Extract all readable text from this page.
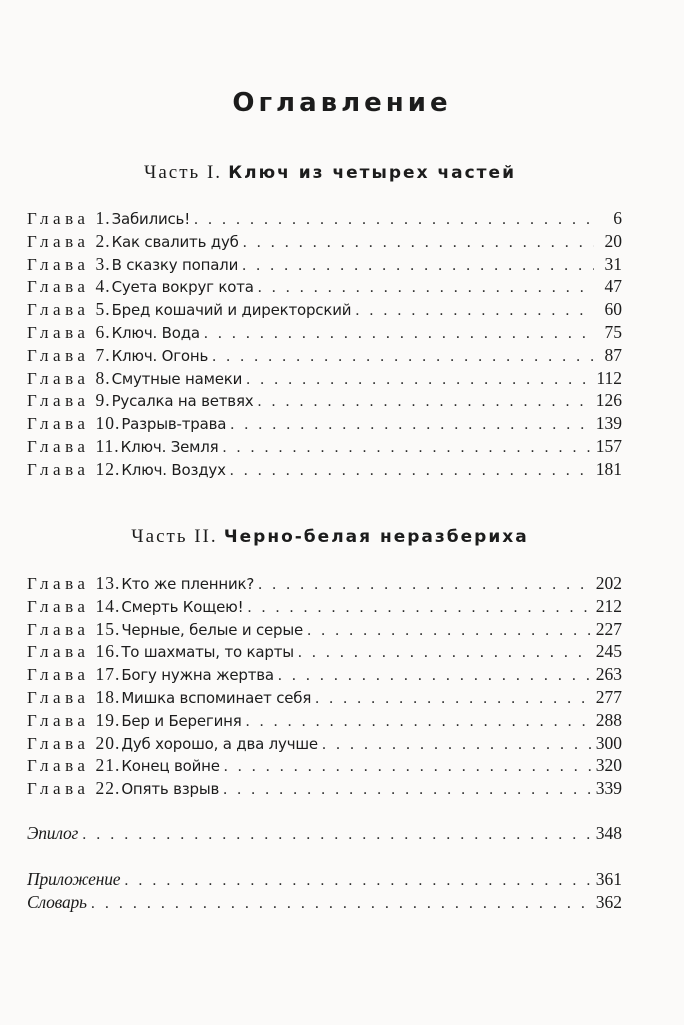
Оглавление
Часть I. Ключ из четырех частей
Глава 1. Забились! . . .	6
Глава 2. Как свалить дуб . . .	20
Глава 3. В сказку попали . . .	31
Глава 4. Суета вокруг кота . . .	47
Глава 5. Бред кошачий и директорский . . .	60
Глава 6. Ключ. Вода . . .	75
Глава 7. Ключ. Огонь . . .	87
Глава 8. Смутные намеки . . .	112
Глава 9. Русалка на ветвях . . .	126
Глава 10. Разрыв-трава . . .	139
Глава 11. Ключ. Земля . . .	157
Глава 12. Ключ. Воздух . . .	181
Часть II. Черно-белая неразбериха
Глава 13. Кто же пленник? . . .	202
Глава 14. Смерть Кощею! . . .	212
Глава 15. Черные, белые и серые . . .	227
Глава 16. То шахматы, то карты . . .	245
Глава 17. Богу нужна жертва . . .	263
Глава 18. Мишка вспоминает себя . . .	277
Глава 19. Бер и Берегиня . . .	288
Глава 20. Дуб хорошо, а два лучше . . .	300
Глава 21. Конец войне . . .	320
Глава 22. Опять взрыв . . .	339
Эпилог . . .	348
Приложение . . .	361
Словарь . . .	362
